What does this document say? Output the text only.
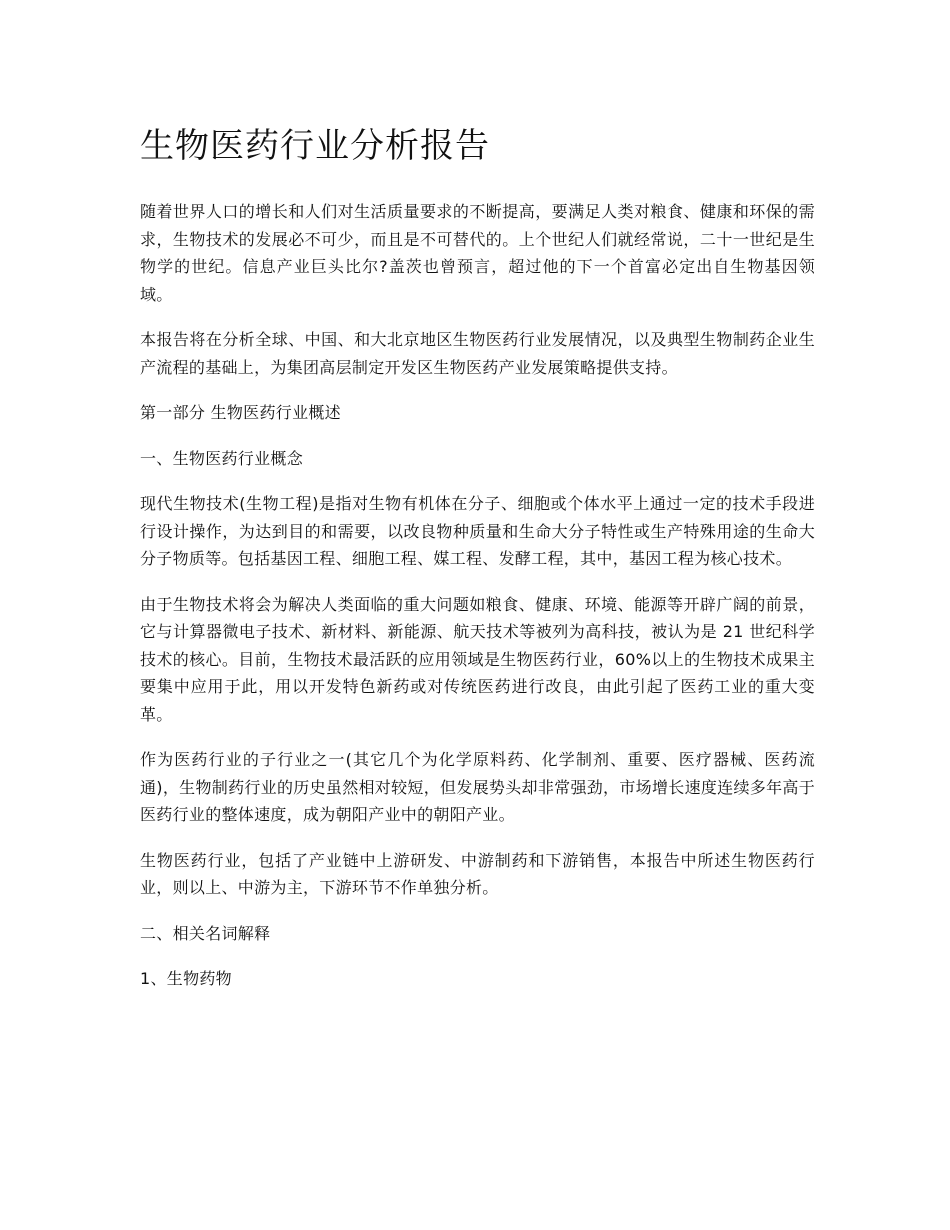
生物医药行业分析报告

随着世界人口的增长和人们对生活质量要求的不断提高，要满足人类对粮食、健康和环保的需求，生物技术的发展必不可少，而且是不可替代的。上个世纪人们就经常说，二十一世纪是生物学的世纪。信息产业巨头比尔?盖茨也曾预言，超过他的下一个首富必定出自生物基因领域。

本报告将在分析全球、中国、和大北京地区生物医药行业发展情况，以及典型生物制药企业生产流程的基础上，为集团高层制定开发区生物医药产业发展策略提供支持。

第一部分 生物医药行业概述

一、生物医药行业概念

现代生物技术(生物工程)是指对生物有机体在分子、细胞或个体水平上通过一定的技术手段进行设计操作，为达到目的和需要，以改良物种质量和生命大分子特性或生产特殊用途的生命大分子物质等。包括基因工程、细胞工程、媒工程、发酵工程，其中，基因工程为核心技术。

由于生物技术将会为解决人类面临的重大问题如粮食、健康、环境、能源等开辟广阔的前景，它与计算器微电子技术、新材料、新能源、航天技术等被列为高科技，被认为是 21 世纪科学技术的核心。目前，生物技术最活跃的应用领域是生物医药行业，60%以上的生物技术成果主要集中应用于此，用以开发特色新药或对传统医药进行改良，由此引起了医药工业的重大变革。

作为医药行业的子行业之一(其它几个为化学原料药、化学制剂、重要、医疗器械、医药流通)，生物制药行业的历史虽然相对较短，但发展势头却非常强劲，市场增长速度连续多年高于医药行业的整体速度，成为朝阳产业中的朝阳产业。

生物医药行业，包括了产业链中上游研发、中游制药和下游销售，本报告中所述生物医药行业，则以上、中游为主，下游环节不作单独分析。

二、相关名词解释

1、生物药物
